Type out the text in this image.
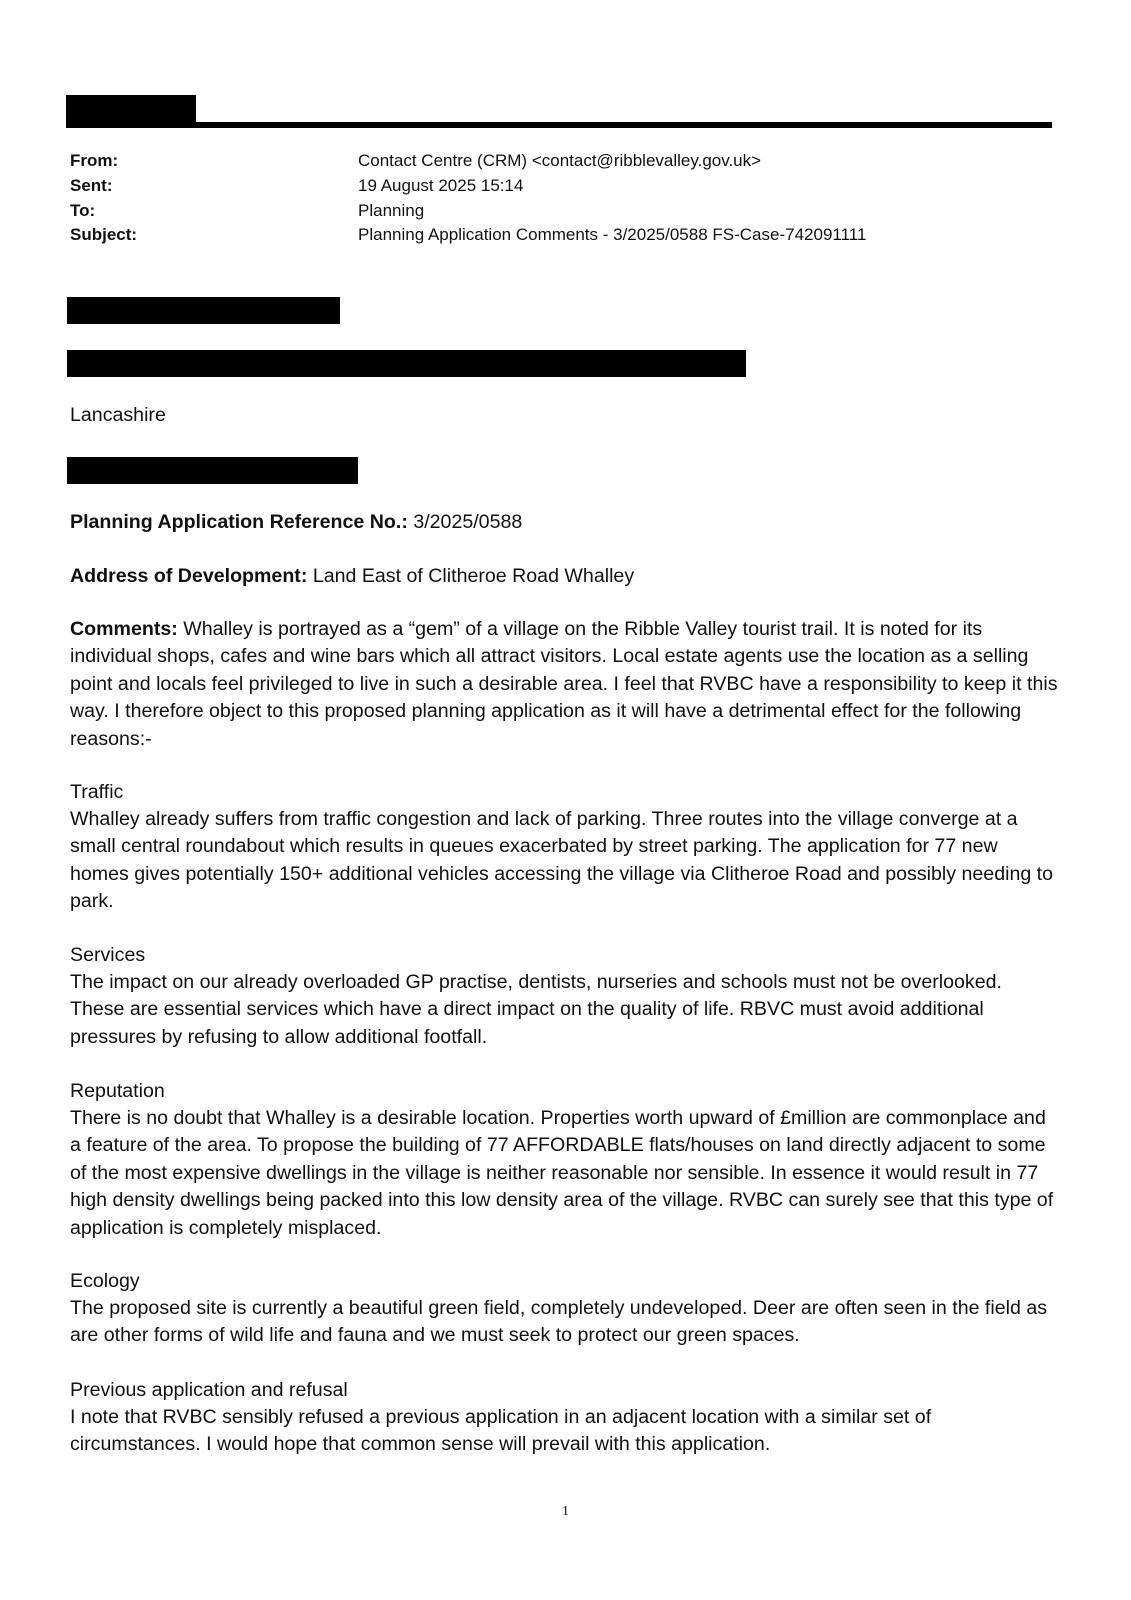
From:	Contact Centre (CRM) <contact@ribblevalley.gov.uk>
Sent:	19 August 2025 15:14
To:	Planning
Subject:	Planning Application Comments - 3/2025/0588 FS-Case-742091111
Lancashire
Planning Application Reference No.: 3/2025/0588
Address of Development: Land East of Clitheroe Road Whalley
Comments: Whalley is portrayed as a “gem” of a village on the Ribble Valley tourist trail. It is noted for its individual shops, cafes and wine bars which all attract visitors. Local estate agents use the location as a selling point and locals feel privileged to live in such a desirable area. I feel that RVBC have a responsibility to keep it this way. I therefore object to this proposed planning application as it will have a detrimental effect for the following reasons:-
Traffic
Whalley already suffers from traffic congestion and lack of parking. Three routes into the village converge at a small central roundabout which results in queues exacerbated by street parking. The application for 77 new homes gives potentially 150+ additional vehicles accessing the village via Clitheroe Road and possibly needing to park.
Services
The impact on our already overloaded GP practise, dentists, nurseries and schools must not be overlooked. These are essential services which have a direct impact on the quality of life. RBVC must avoid additional pressures by refusing to allow additional footfall.
Reputation
There is no doubt that Whalley is a desirable location. Properties worth upward of £million are commonplace and a feature of the area. To propose the building of 77 AFFORDABLE flats/houses on land directly adjacent to some of the most expensive dwellings in the village is neither reasonable nor sensible. In essence it would result in 77 high density dwellings being packed into this low density area of the village. RVBC can surely see that this type of application is completely misplaced.
Ecology
The proposed site is currently a beautiful green field, completely undeveloped. Deer are often seen in the field as are other forms of wild life and fauna and we must seek to protect our green spaces.
Previous application and refusal
I note that RVBC sensibly refused a previous application in an adjacent location with a similar set of circumstances. I would hope that common sense will prevail with this application.
1
